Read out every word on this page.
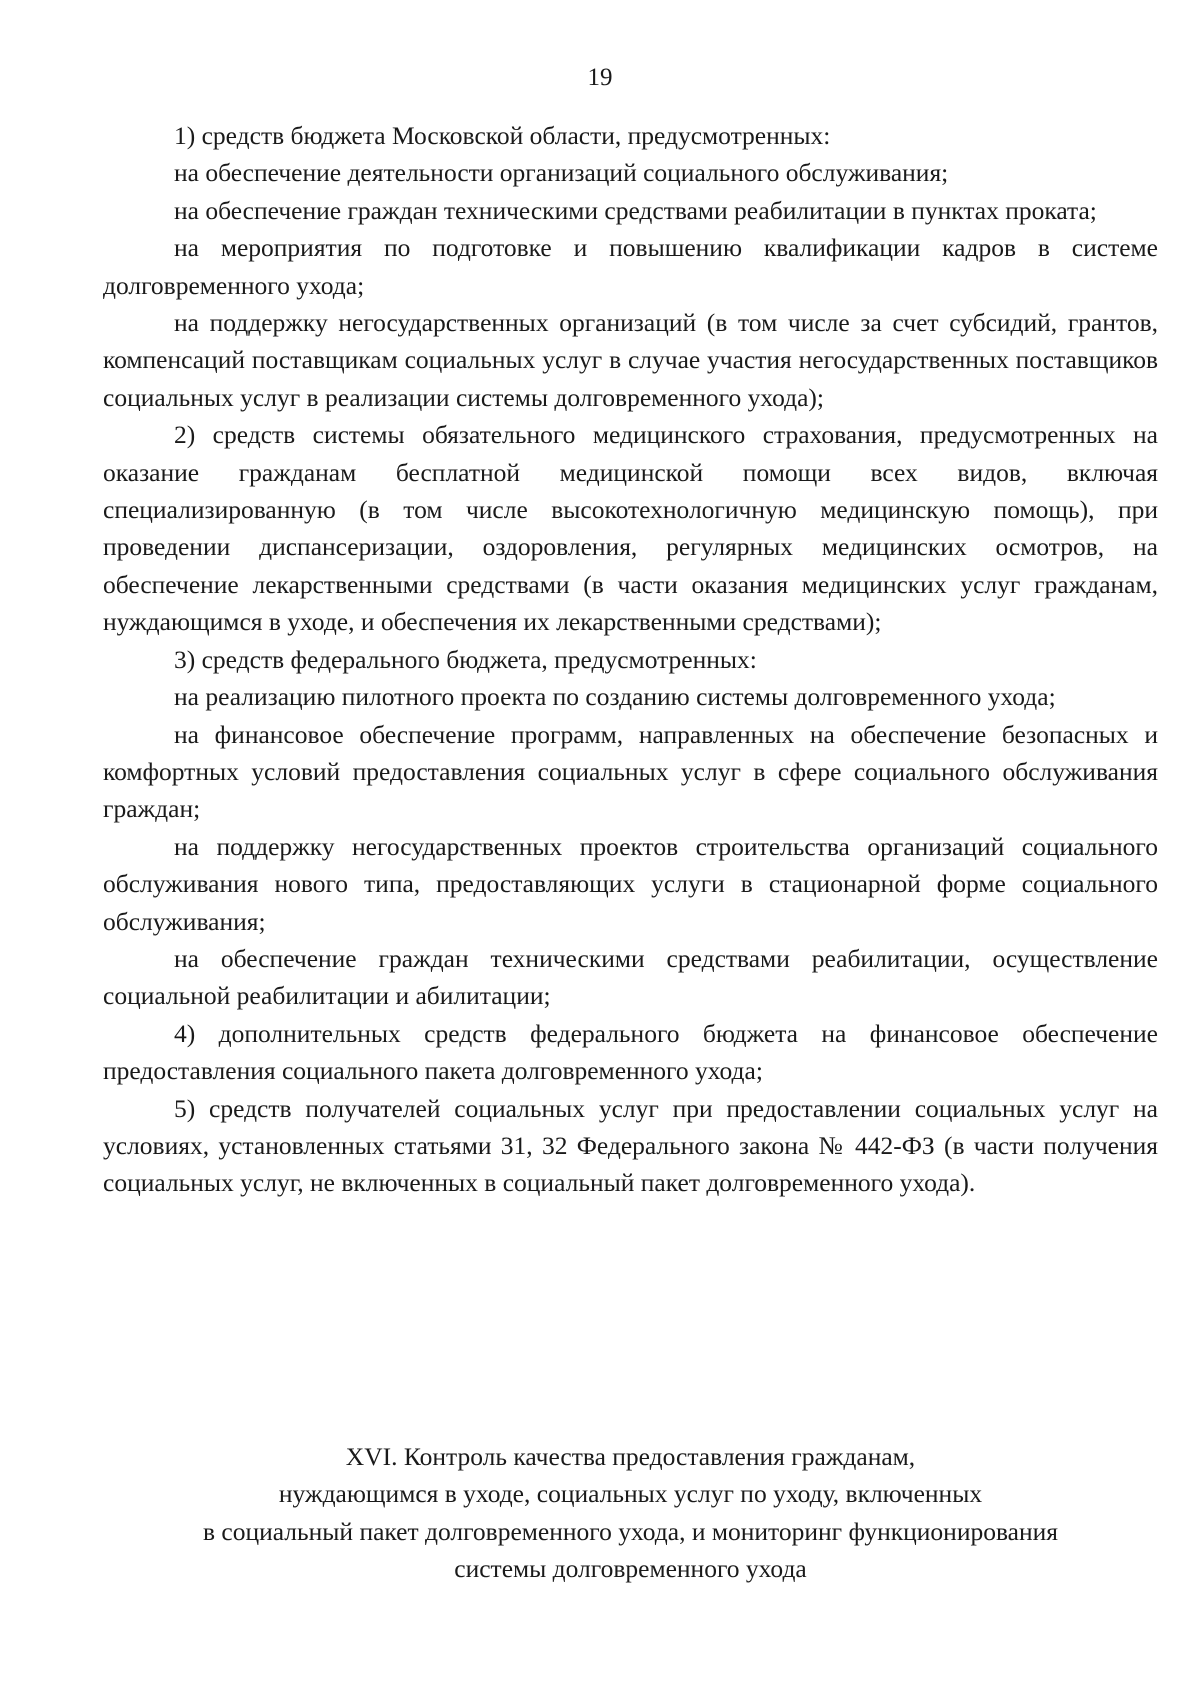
19

1) средств бюджета Московской области, предусмотренных:

на обеспечение деятельности организаций социального обслуживания;

на обеспечение граждан техническими средствами реабилитации в пунктах проката;

на мероприятия по подготовке и повышению квалификации кадров в системе долговременного ухода;

на поддержку негосударственных организаций (в том числе за счет субсидий, грантов, компенсаций поставщикам социальных услуг в случае участия негосударственных поставщиков социальных услуг в реализации системы долговременного ухода);

2) средств системы обязательного медицинского страхования, предусмотренных на оказание гражданам бесплатной медицинской помощи всех видов, включая специализированную (в том числе высокотехнологичную медицинскую помощь), при проведении диспансеризации, оздоровления, регулярных медицинских осмотров, на обеспечение лекарственными средствами (в части оказания медицинских услуг гражданам, нуждающимся в уходе, и обеспечения их лекарственными средствами);

3) средств федерального бюджета, предусмотренных:

на реализацию пилотного проекта по созданию системы долговременного ухода;

на финансовое обеспечение программ, направленных на обеспечение безопасных и комфортных условий предоставления социальных услуг в сфере социального обслуживания граждан;

на поддержку негосударственных проектов строительства организаций социального обслуживания нового типа, предоставляющих услуги в стационарной форме социального обслуживания;

на обеспечение граждан техническими средствами реабилитации, осуществление социальной реабилитации и абилитации;

4) дополнительных средств федерального бюджета на финансовое обеспечение предоставления социального пакета долговременного ухода;

5) средств получателей социальных услуг при предоставлении социальных услуг на условиях, установленных статьями 31, 32 Федерального закона № 442-ФЗ (в части получения социальных услуг, не включенных в социальный пакет долговременного ухода).

XVI. Контроль качества предоставления гражданам,
нуждающимся в уходе, социальных услуг по уходу, включенных
в социальный пакет долговременного ухода, и мониторинг функционирования
системы долговременного ухода
